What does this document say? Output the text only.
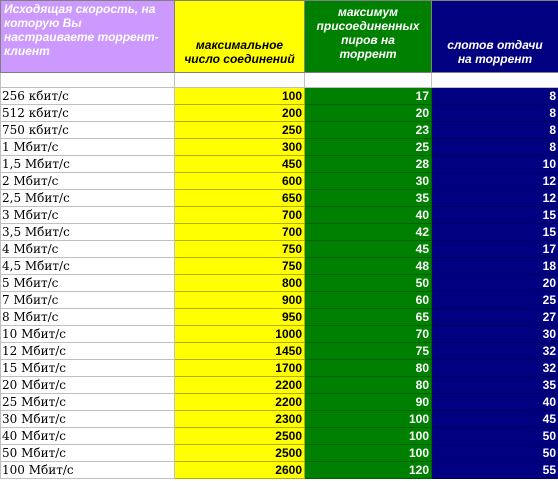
Исходящая скорость, на
которую Вы
настраиваете торрент-
клиент	максимальное
число соединений	максимум
присоединенных
пиров на
торрент	слотов отдачи
на торрент

256 кбит/с	100	17	8
512 кбит/с	200	20	8
750 кбит/с	250	23	8
1 Мбит/с	300	25	8
1,5 Мбит/с	450	28	10
2 Мбит/с	600	30	12
2,5 Мбит/с	650	35	12
3 Мбит/с	700	40	15
3,5 Мбит/с	700	42	15
4 Мбит/с	750	45	17
4,5 Мбит/с	750	48	18
5 Мбит/с	800	50	20
7 Мбит/с	900	60	25
8 Мбит/с	950	65	27
10 Мбит/с	1000	70	30
12 Мбит/с	1450	75	32
15 Мбит/с	1700	80	32
20 Мбит/с	2200	80	35
25 Мбит/с	2200	90	40
30 Мбит/с	2300	100	45
40 Мбит/с	2500	100	50
50 Мбит/с	2500	100	50
100 Мбит/с	2600	120	55
